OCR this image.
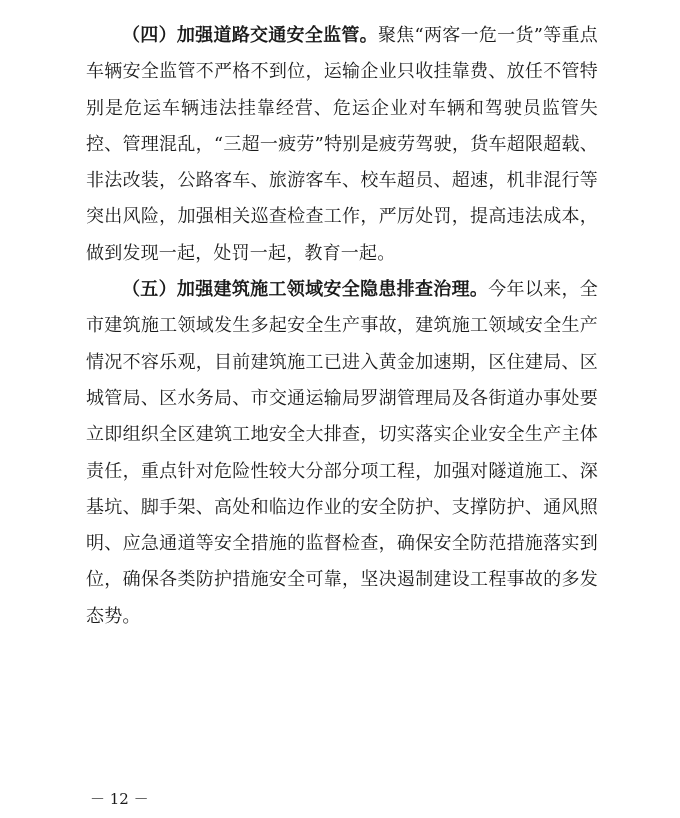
（四）加强道路交通安全监管。聚焦“两客一危一货”等重点车辆安全监管不严格不到位，运输企业只收挂靠费、放任不管特别是危运车辆违法挂靠经营、危运企业对车辆和驾驶员监管失控、管理混乱，“三超一疲劳”特别是疲劳驾驶，货车超限超载、非法改装，公路客车、旅游客车、校车超员、超速，机非混行等突出风险，加强相关巡查检查工作，严厉处罚，提高违法成本，做到发现一起，处罚一起，教育一起。

（五）加强建筑施工领域安全隐患排查治理。今年以来，全市建筑施工领域发生多起安全生产事故，建筑施工领域安全生产情况不容乐观，目前建筑施工已进入黄金加速期，区住建局、区城管局、区水务局、市交通运输局罗湖管理局及各街道办事处要立即组织全区建筑工地安全大排查，切实落实企业安全生产主体责任，重点针对危险性较大分部分项工程，加强对隧道施工、深基坑、脚手架、高处和临边作业的安全防护、支撑防护、通风照明、应急通道等安全措施的监督检查，确保安全防范措施落实到位，确保各类防护措施安全可靠，坚决遏制建设工程事故的多发态势。

－ 12 －
